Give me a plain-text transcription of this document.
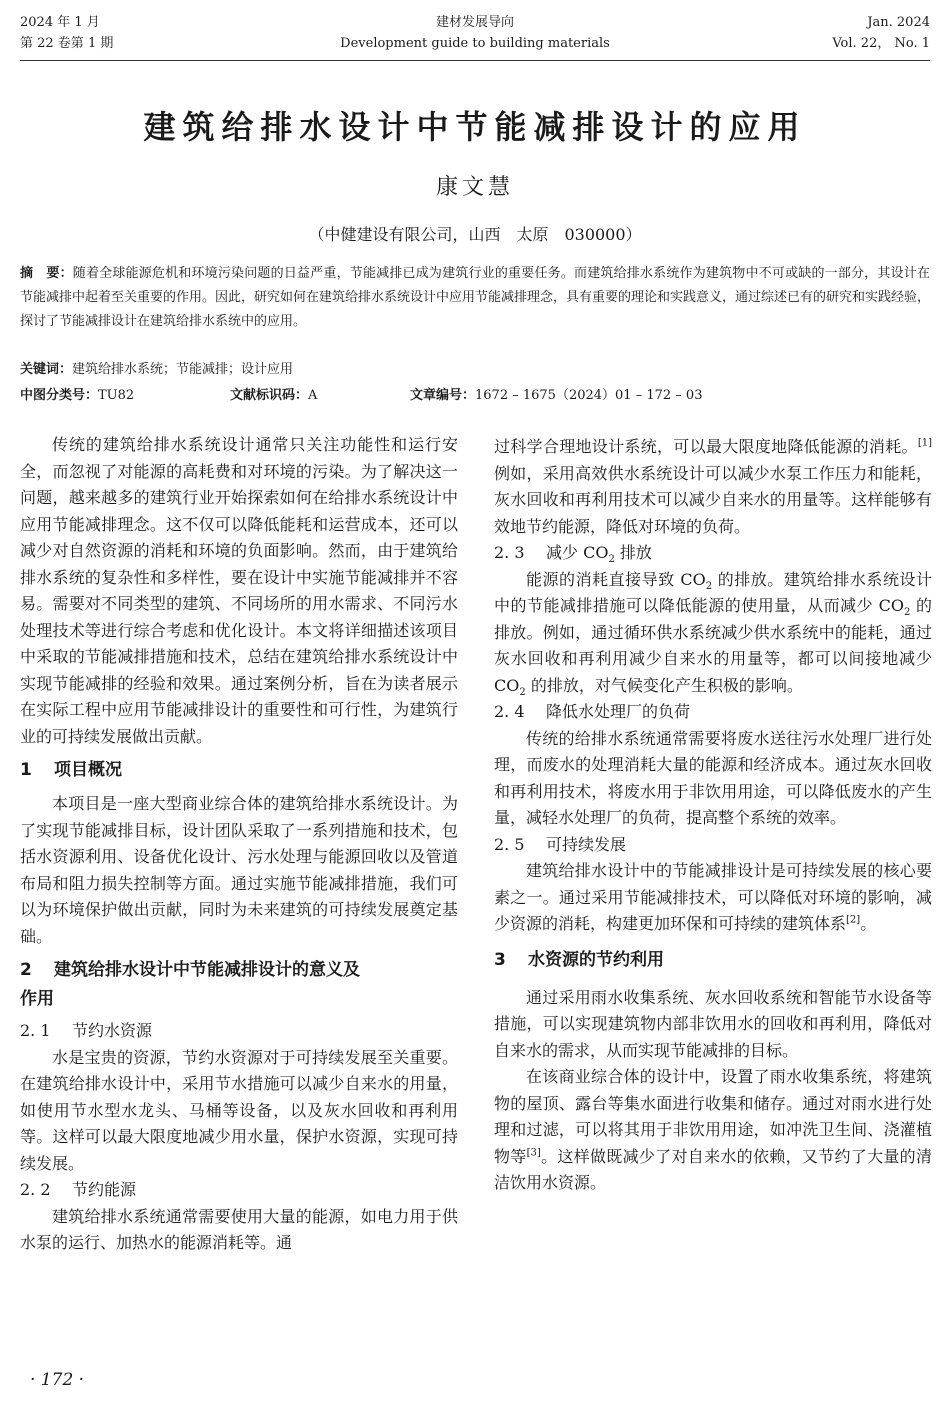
2024 年 1 月
第 22 卷第 1 期
建材发展导向
Development guide to building materials
Jan. 2024
Vol. 22， No. 1
建筑给排水设计中节能减排设计的应用
康文慧
（中健建设有限公司，山西　太原　030000）
摘　要：随着全球能源危机和环境污染问题的日益严重，节能减排已成为建筑行业的重要任务。而建筑给排水系统作为建筑物中不可或缺的一部分，其设计在节能减排中起着至关重要的作用。因此，研究如何在建筑给排水系统设计中应用节能减排理念，具有重要的理论和实践意义，通过综述已有的研究和实践经验，探讨了节能减排设计在建筑给排水系统中的应用。
关键词：建筑给排水系统；节能减排；设计应用
中图分类号：TU82	文献标识码：A	文章编号：1672 – 1675（2024）01 – 172 – 03

传统的建筑给排水系统设计通常只关注功能性和运行安全，而忽视了对能源的高耗费和对环境的污染。为了解决这一问题，越来越多的建筑行业开始探索如何在给排水系统设计中应用节能减排理念。这不仅可以降低能耗和运营成本，还可以减少对自然资源的消耗和环境的负面影响。然而，由于建筑给排水系统的复杂性和多样性，要在设计中实施节能减排并不容易。需要对不同类型的建筑、不同场所的用水需求、不同污水处理技术等进行综合考虑和优化设计。本文将详细描述该项目中采取的节能减排措施和技术，总结在建筑给排水系统设计中实现节能减排的经验和效果。通过案例分析，旨在为读者展示在实际工程中应用节能减排设计的重要性和可行性，为建筑行业的可持续发展做出贡献。

1 项目概况

本项目是一座大型商业综合体的建筑给排水系统设计。为了实现节能减排目标，设计团队采取了一系列措施和技术，包括水资源利用、设备优化设计、污水处理与能源回收以及管道布局和阻力损失控制等方面。通过实施节能减排措施，我们可以为环境保护做出贡献，同时为未来建筑的可持续发展奠定基础。

2 建筑给排水设计中节能减排设计的意义及
作用
2. 1 节约水资源

水是宝贵的资源，节约水资源对于可持续发展至关重要。在建筑给排水设计中，采用节水措施可以减少自来水的用量，如使用节水型水龙头、马桶等设备，以及灰水回收和再利用等。这样可以最大限度地减少用水量，保护水资源，实现可持续发展。

2. 2 节约能源

建筑给排水系统通常需要使用大量的能源，如电力用于供水泵的运行、加热水的能源消耗等。通

过科学合理地设计系统，可以最大限度地降低能源的消耗。[1]例如，采用高效供水系统设计可以减少水泵工作压力和能耗，灰水回收和再利用技术可以减少自来水的用量等。这样能够有效地节约能源，降低对环境的负荷。

2. 3 减少 $CO_2$ 排放

能源的消耗直接导致 $CO_2$ 的排放。建筑给排水系统设计中的节能减排措施可以降低能源的使用量，从而减少 $CO_2$ 的排放。例如，通过循环供水系统减少供水系统中的能耗，通过灰水回收和再利用减少自来水的用量等，都可以间接地减少 $CO_2$ 的排放，对气候变化产生积极的影响。

2. 4 降低水处理厂的负荷

传统的给排水系统通常需要将废水送往污水处理厂进行处理，而废水的处理消耗大量的能源和经济成本。通过灰水回收和再利用技术，将废水用于非饮用用途，可以降低废水的产生量，减轻水处理厂的负荷，提高整个系统的效率。

2. 5 可持续发展

建筑给排水设计中的节能减排设计是可持续发展的核心要素之一。通过采用节能减排技术，可以降低对环境的影响，减少资源的消耗，构建更加环保和可持续的建筑体系[2]。

3 水资源的节约利用

通过采用雨水收集系统、灰水回收系统和智能节水设备等措施，可以实现建筑物内部非饮用水的回收和再利用，降低对自来水的需求，从而实现节能减排的目标。

在该商业综合体的设计中，设置了雨水收集系统，将建筑物的屋顶、露台等集水面进行收集和储存。通过对雨水进行处理和过滤，可以将其用于非饮用用途，如冲洗卫生间、浇灌植物等[3]。这样做既减少了对自来水的依赖，又节约了大量的清洁饮用水资源。

· 172 ·
